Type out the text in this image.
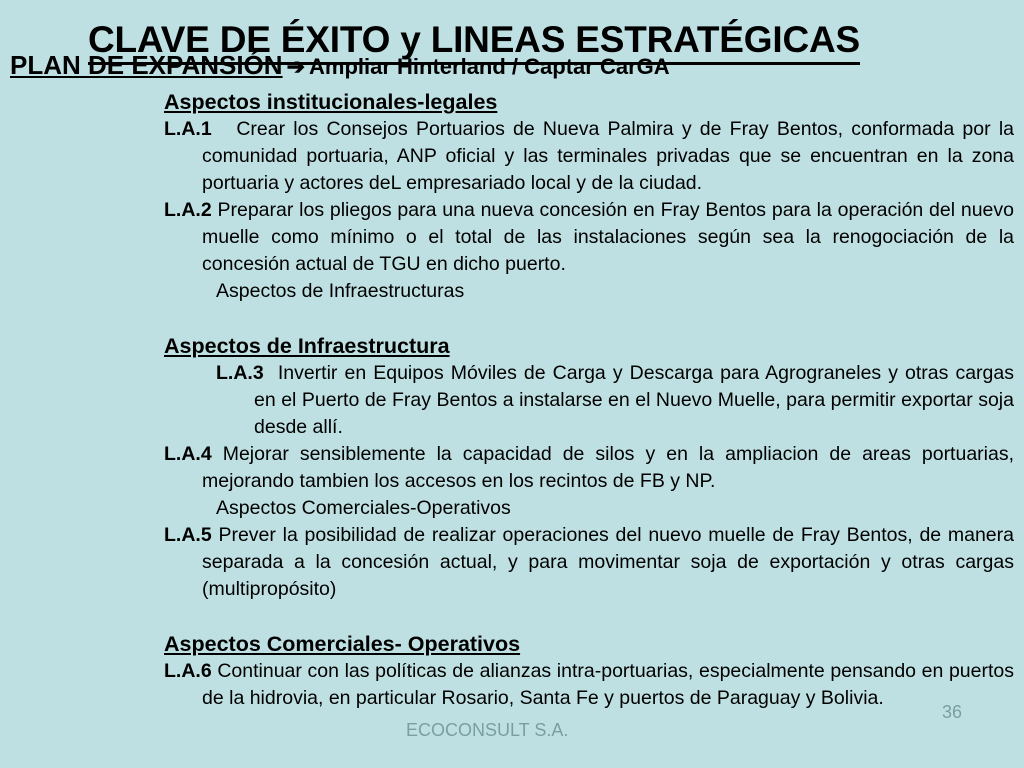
CLAVE DE ÉXITO y LINEAS ESTRATÉGICAS
PLAN DE EXPANSIÓN ➔ Ampliar Hinterland / Captar CarGA
Aspectos institucionales-legales
L.A.1 Crear los Consejos Portuarios de Nueva Palmira y de Fray Bentos, conformada por la comunidad portuaria, ANP oficial y las terminales privadas que se encuentran en la zona portuaria y actores deL empresariado local y de la ciudad.
L.A.2 Preparar los pliegos para una nueva concesión en Fray Bentos para la operación del nuevo muelle como mínimo o el total de las instalaciones según sea la renogociación de la concesión actual de TGU en dicho puerto.
Aspectos de Infraestructuras
Aspectos de Infraestructura
L.A.3 Invertir en Equipos Móviles de Carga y Descarga para Agrograneles y otras cargas en el Puerto de Fray Bentos a instalarse en el Nuevo Muelle, para permitir exportar soja desde allí.
L.A.4 Mejorar sensiblemente la capacidad de silos y en la ampliacion de areas portuarias, mejorando tambien los accesos en los recintos de FB y NP.
Aspectos Comerciales-Operativos
L.A.5 Prever la posibilidad de realizar operaciones del nuevo muelle de Fray Bentos, de manera separada a la concesión actual, y para movimentar soja de exportación y otras cargas (multipropósito)
Aspectos Comerciales- Operativos
L.A.6 Continuar con las políticas de alianzas intra-portuarias, especialmente pensando en puertos de la hidrovia, en particular Rosario, Santa Fe y puertos de Paraguay y Bolivia.
ECOCONSULT S.A.
36
